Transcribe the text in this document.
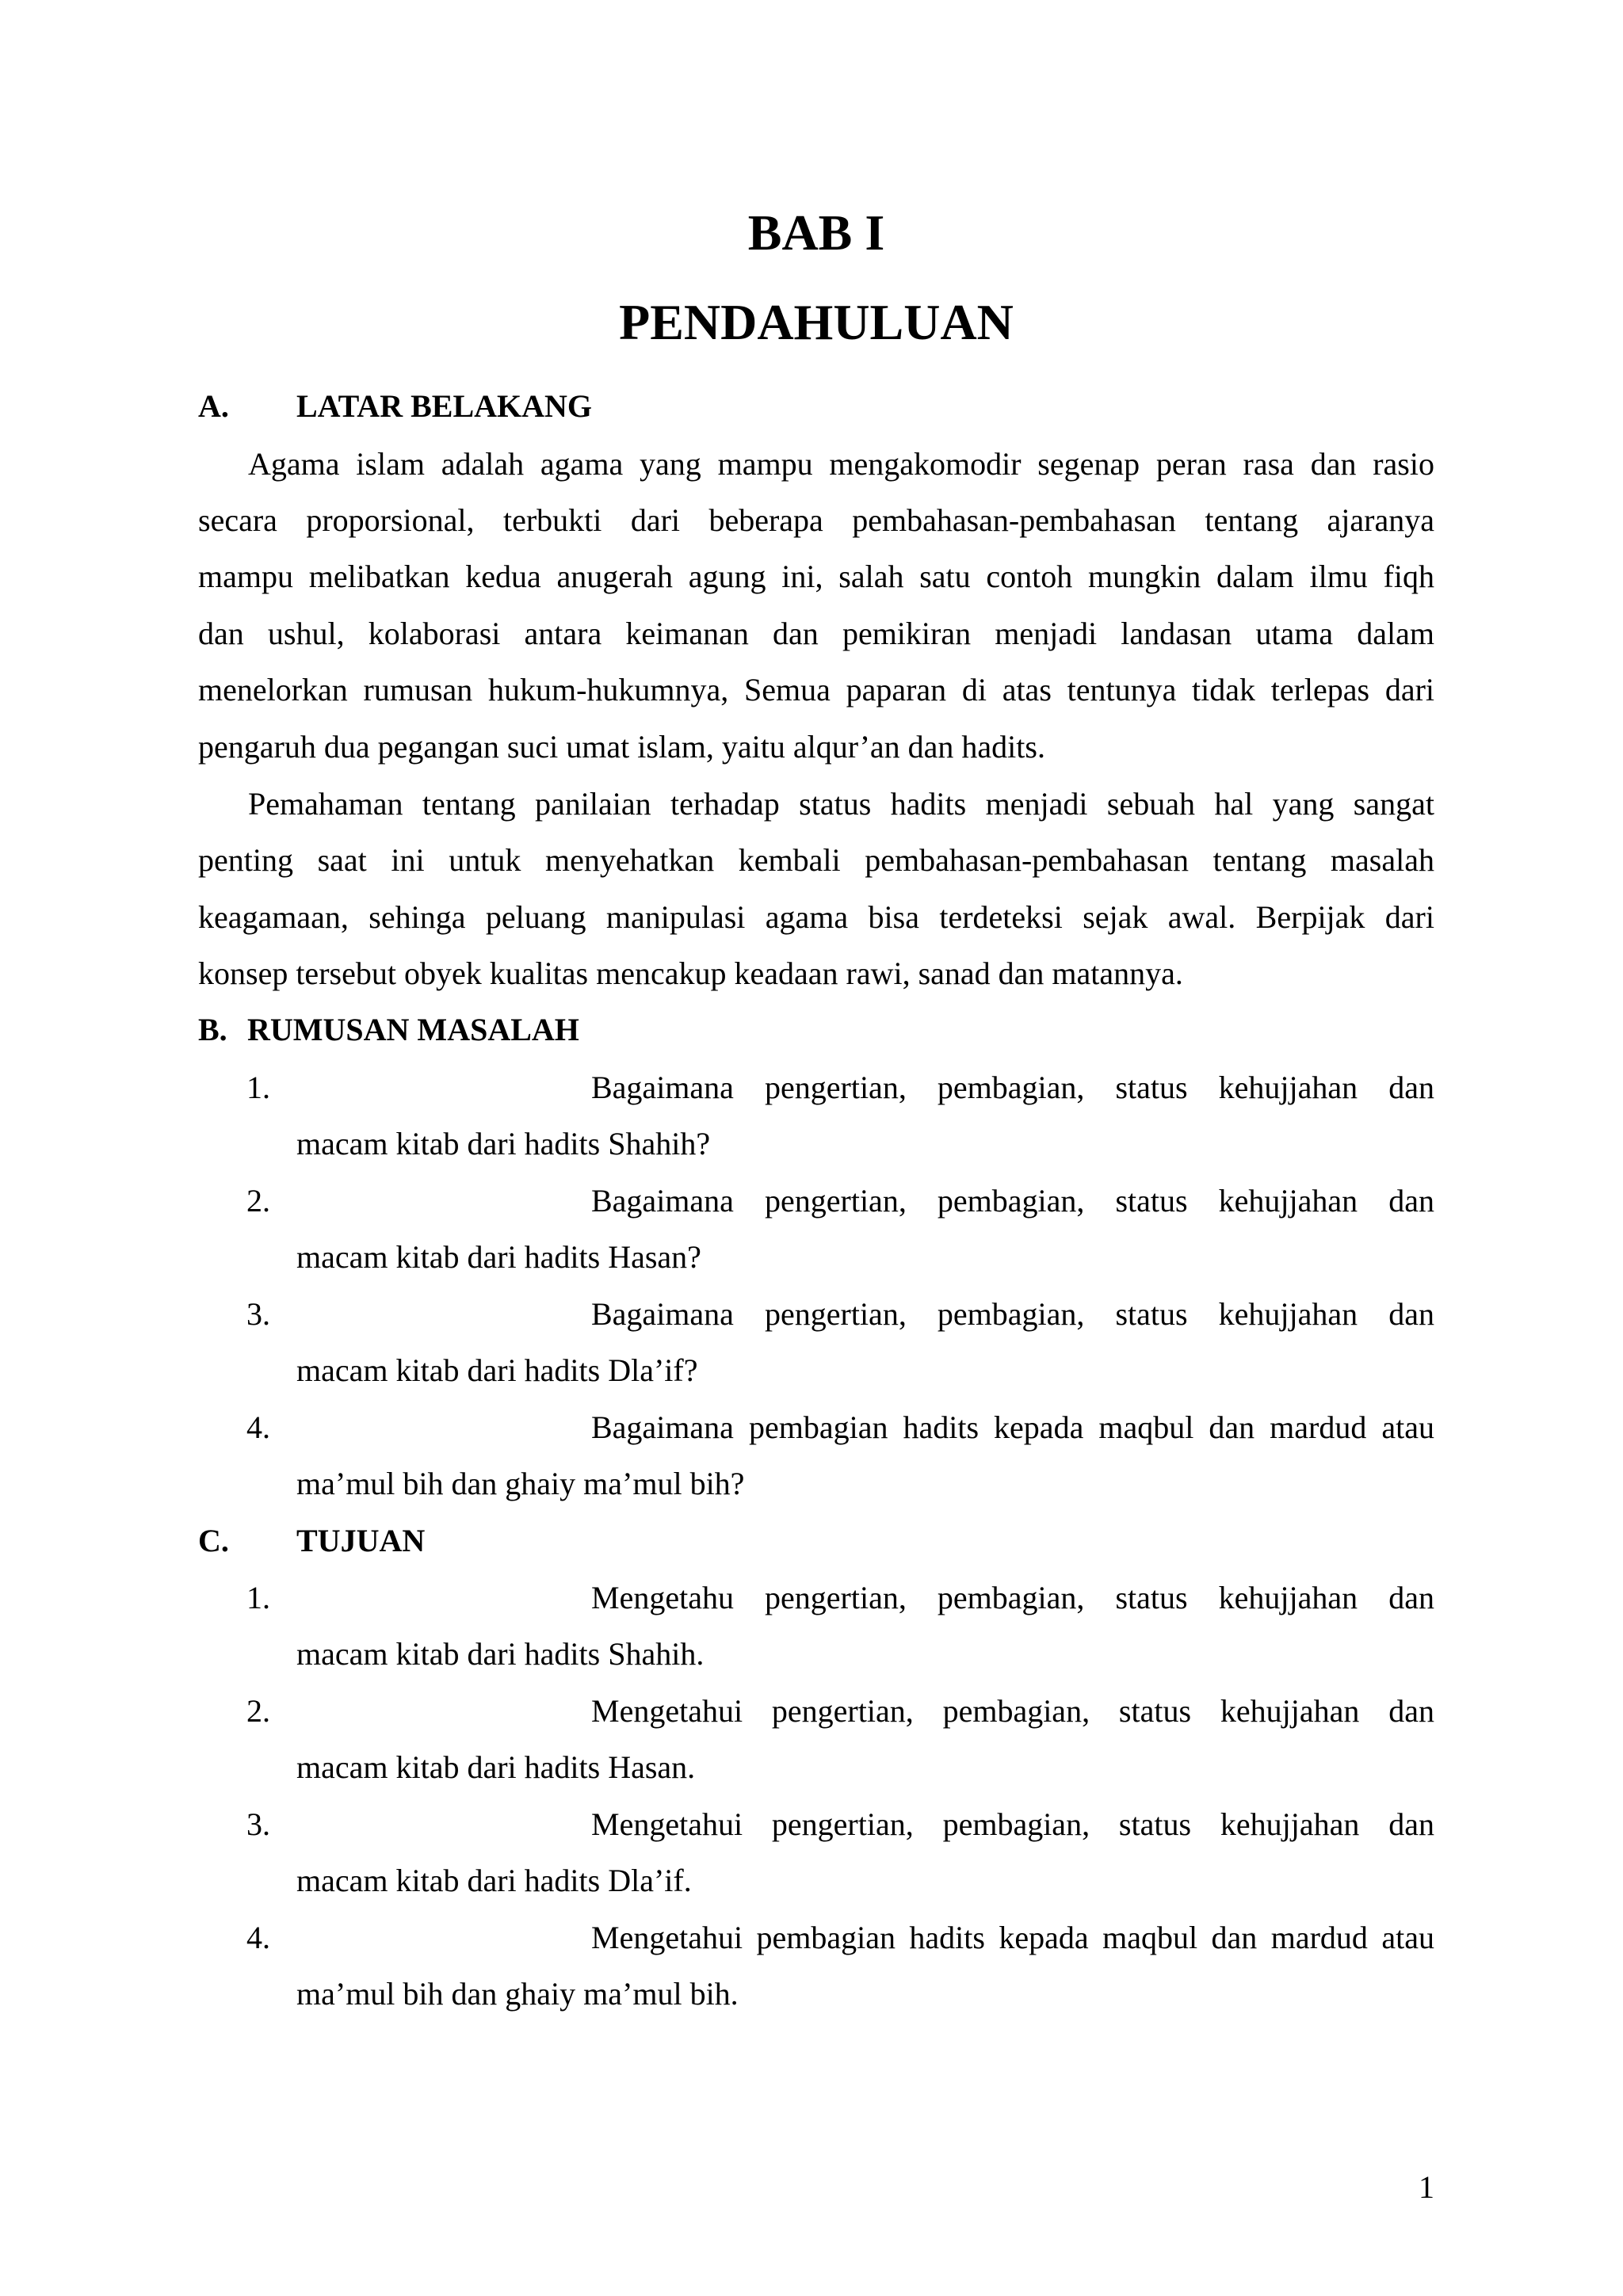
BAB I
PENDAHULUAN
A. LATAR BELAKANG
Agama islam adalah agama yang mampu mengakomodir segenap peran rasa dan rasio
secara proporsional, terbukti dari beberapa pembahasan-pembahasan tentang ajaranya
mampu melibatkan kedua anugerah agung ini, salah satu contoh mungkin dalam ilmu fiqh
dan ushul, kolaborasi antara keimanan dan pemikiran menjadi landasan utama dalam
menelorkan rumusan hukum-hukumnya, Semua paparan di atas tentunya tidak terlepas dari
pengaruh dua pegangan suci umat islam, yaitu alqur’an dan hadits.
Pemahaman tentang panilaian terhadap status hadits menjadi sebuah hal yang sangat
penting saat ini untuk menyehatkan kembali pembahasan-pembahasan tentang masalah
keagamaan, sehinga peluang manipulasi agama bisa terdeteksi sejak awal. Berpijak dari
konsep tersebut obyek kualitas mencakup keadaan rawi, sanad dan matannya.
B. RUMUSAN MASALAH
1.	Bagaimana pengertian, pembagian, status kehujjahan dan
macam kitab dari hadits Shahih?
2.	Bagaimana pengertian, pembagian, status kehujjahan dan
macam kitab dari hadits Hasan?
3.	Bagaimana pengertian, pembagian, status kehujjahan dan
macam kitab dari hadits Dla’if?
4.	Bagaimana pembagian hadits kepada maqbul dan mardud atau
ma’mul bih dan ghaiy ma’mul bih?
C. TUJUAN
1.	Mengetahu pengertian, pembagian, status kehujjahan dan
macam kitab dari hadits Shahih.
2.	Mengetahui pengertian, pembagian, status kehujjahan dan
macam kitab dari hadits Hasan.
3.	Mengetahui pengertian, pembagian, status kehujjahan dan
macam kitab dari hadits Dla’if.
4.	Mengetahui pembagian hadits kepada maqbul dan mardud atau
ma’mul bih dan ghaiy ma’mul bih.
1
